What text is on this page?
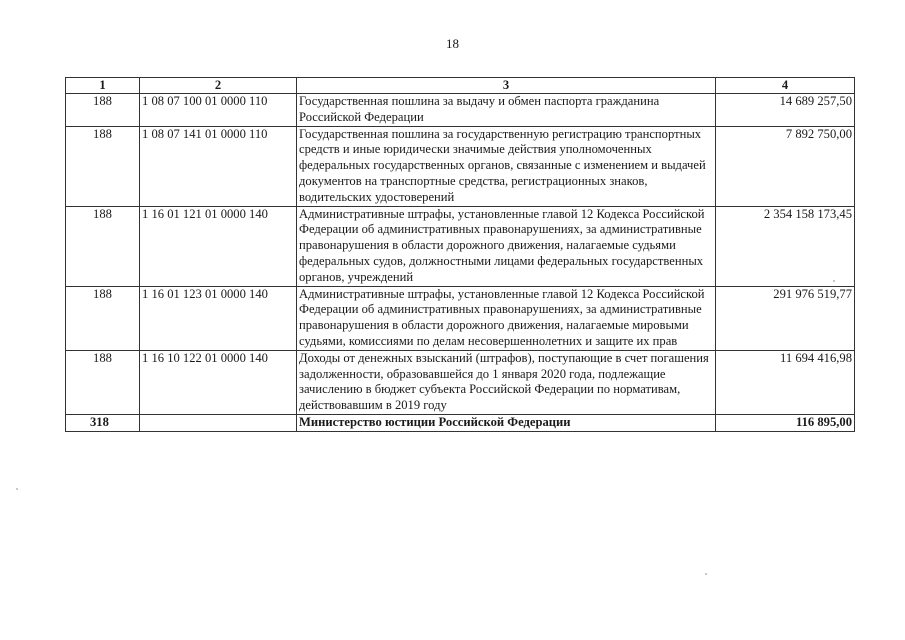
18
1	2	3	4
188	1 08 07 100 01 0000 110	Государственная пошлина за выдачу и обмен паспорта гражданина Российской Федерации	14 689 257,50
188	1 08 07 141 01 0000 110	Государственная пошлина за государственную регистрацию транспортных средств и иные юридически значимые действия уполномоченных федеральных государственных органов, связанные с изменением и выдачей документов на транспортные средства, регистрационных знаков, водительских удостоверений	7 892 750,00
188	1 16 01 121 01 0000 140	Административные штрафы, установленные главой 12 Кодекса Российской Федерации об административных правонарушениях, за административные правонарушения в области дорожного движения, налагаемые судьями федеральных судов, должностными лицами федеральных государственных органов, учреждений	2 354 158 173,45
188	1 16 01 123 01 0000 140	Административные штрафы, установленные главой 12 Кодекса Российской Федерации об административных правонарушениях, за административные правонарушения в области дорожного движения, налагаемые мировыми судьями, комиссиями по делам несовершеннолетних и защите их прав	291 976 519,77
188	1 16 10 122 01 0000 140	Доходы от денежных взысканий (штрафов), поступающие в счет погашения задолженности, образовавшейся до 1 января 2020 года, подлежащие зачислению в бюджет субъекта Российской Федерации по нормативам, действовавшим в 2019 году	11 694 416,98
318		Министерство юстиции Российской Федерации	116 895,00
